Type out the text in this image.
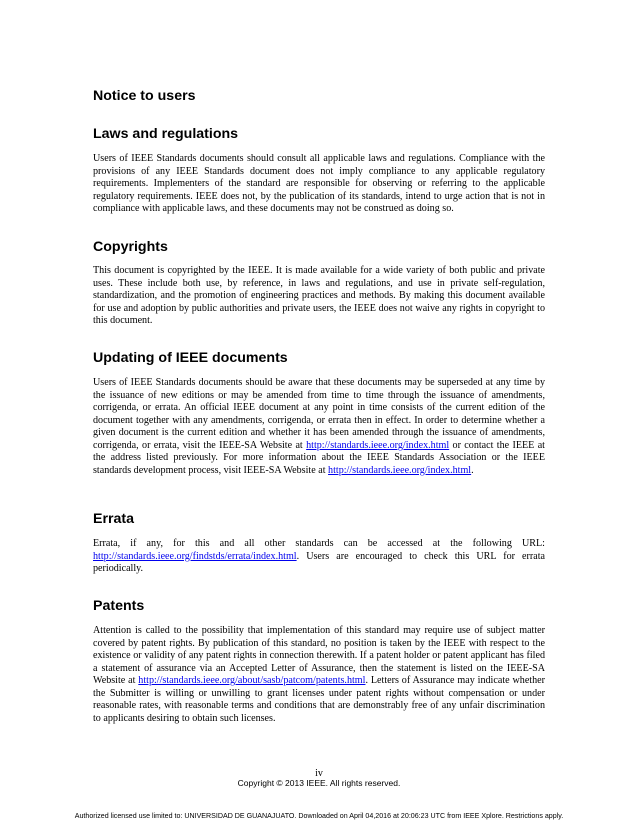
Notice to users
Laws and regulations

Users of IEEE Standards documents should consult all applicable laws and regulations. Compliance with the provisions of any IEEE Standards document does not imply compliance to any applicable regulatory requirements. Implementers of the standard are responsible for observing or referring to the applicable regulatory requirements. IEEE does not, by the publication of its standards, intend to urge action that is not in compliance with applicable laws, and these documents may not be construed as doing so.

Copyrights

This document is copyrighted by the IEEE. It is made available for a wide variety of both public and private uses. These include both use, by reference, in laws and regulations, and use in private self-regulation, standardization, and the promotion of engineering practices and methods. By making this document available for use and adoption by public authorities and private users, the IEEE does not waive any rights in copyright to this document.

Updating of IEEE documents

Users of IEEE Standards documents should be aware that these documents may be superseded at any time by the issuance of new editions or may be amended from time to time through the issuance of amendments, corrigenda, or errata. An official IEEE document at any point in time consists of the current edition of the document together with any amendments, corrigenda, or errata then in effect. In order to determine whether a given document is the current edition and whether it has been amended through the issuance of amendments, corrigenda, or errata, visit the IEEE-SA Website at http://standards.ieee.org/index.html or contact the IEEE at the address listed previously. For more information about the IEEE Standards Association or the IEEE standards development process, visit IEEE-SA Website at http://standards.ieee.org/index.html.

Errata

Errata, if any, for this and all other standards can be accessed at the following URL: http://standards.ieee.org/findstds/errata/index.html. Users are encouraged to check this URL for errata periodically.

Patents

Attention is called to the possibility that implementation of this standard may require use of subject matter covered by patent rights. By publication of this standard, no position is taken by the IEEE with respect to the existence or validity of any patent rights in connection therewith. If a patent holder or patent applicant has filed a statement of assurance via an Accepted Letter of Assurance, then the statement is listed on the IEEE-SA Website at http://standards.ieee.org/about/sasb/patcom/patents.html. Letters of Assurance may indicate whether the Submitter is willing or unwilling to grant licenses under patent rights without compensation or under reasonable rates, with reasonable terms and conditions that are demonstrably free of any unfair discrimination to applicants desiring to obtain such licenses.

iv

Copyright © 2013 IEEE. All rights reserved.

Authorized licensed use limited to: UNIVERSIDAD DE GUANAJUATO. Downloaded on April 04,2016 at 20:06:23 UTC from IEEE Xplore. Restrictions apply.
